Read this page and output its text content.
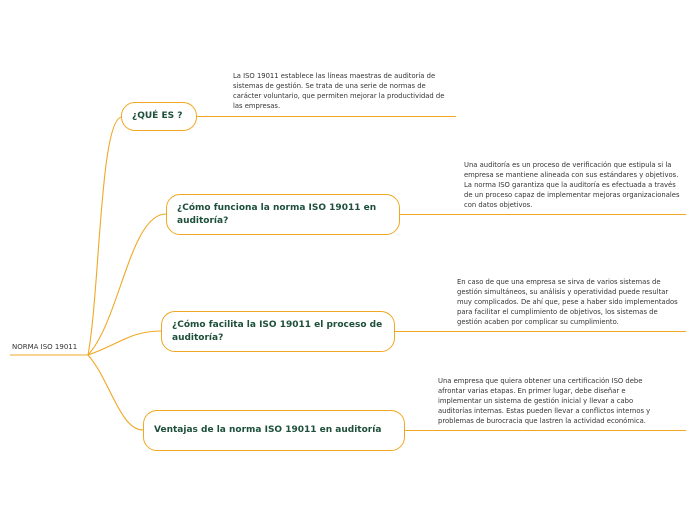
NORMA ISO 19011
¿QUÉ ES ?
La ISO 19011 establece las líneas maestras de auditoría de sistemas de gestión. Se trata de una serie de normas de carácter voluntario, que permiten mejorar la productividad de las empresas.
¿Cómo funciona la norma ISO 19011 en auditoría?
Una auditoría es un proceso de verificación que estipula si la empresa se mantiene alineada con sus estándares y objetivos. La norma ISO garantiza que la auditoría es efectuada a través de un proceso capaz de implementar mejoras organizacionales con datos objetivos.
¿Cómo facilita la ISO 19011 el proceso de auditoría?
En caso de que una empresa se sirva de varios sistemas de gestión simultáneos, su análisis y operatividad puede resultar muy complicados. De ahí que, pese a haber sido implementados para facilitar el cumplimiento de objetivos, los sistemas de gestión acaben por complicar su cumplimiento.
Ventajas de la norma ISO 19011 en auditoría
Una empresa que quiera obtener una certificación ISO debe afrontar varias etapas. En primer lugar, debe diseñar e implementar un sistema de gestión inicial y llevar a cabo auditorías internas. Estas pueden llevar a conflictos internos y problemas de burocracia que lastren la actividad económica.
